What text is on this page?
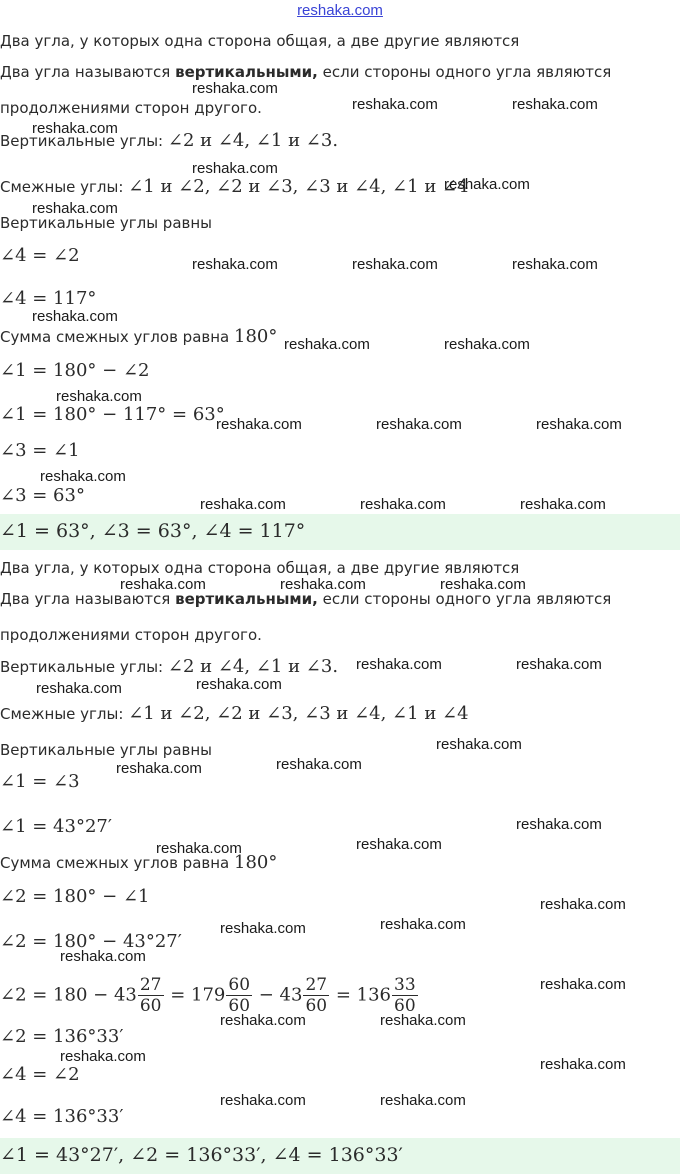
reshaka.com
Два угла, у которых одна сторона общая, а две другие являются
Два угла называются вертикальными, если стороны одного угла являются
продолжениями сторон другого.
Вертикальные углы: ∠2 и ∠4, ∠1 и ∠3.
Смежные углы: ∠1 и ∠2, ∠2 и ∠3, ∠3 и ∠4, ∠1 и ∠4
Вертикальные углы равны
∠4 = ∠2
∠4 = 117°
Сумма смежных углов равна 180°
∠1 = 180° − ∠2
∠1 = 180° − 117° = 63°
∠3 = ∠1
∠3 = 63°
∠1 = 63°, ∠3 = 63°, ∠4 = 117°
Два угла, у которых одна сторона общая, а две другие являются
Два угла называются вертикальными, если стороны одного угла являются
продолжениями сторон другого.
Вертикальные углы: ∠2 и ∠4, ∠1 и ∠3.
Смежные углы: ∠1 и ∠2, ∠2 и ∠3, ∠3 и ∠4, ∠1 и ∠4
Вертикальные углы равны
∠1 = ∠3
∠1 = 43°27′
Сумма смежных углов равна 180°
∠2 = 180° − ∠1
∠2 = 180° − 43°27′
∠2 = $180 - 43 \frac{27}{60} = 179 \frac{60}{60} - 43 \frac{27}{60} = 136 \frac{33}{60}$
∠2 = 136°33′
∠4 = ∠2
∠4 = 136°33′
∠1 = 43°27′, ∠2 = 136°33′, ∠4 = 136°33′
reshaka.com
reshaka.com	reshaka.com
reshaka.com
reshaka.com
reshaka.com
reshaka.com
reshaka.com	reshaka.com	reshaka.com
reshaka.com
reshaka.com	reshaka.com
reshaka.com
reshaka.com	reshaka.com	reshaka.com
reshaka.com
reshaka.com	reshaka.com	reshaka.com
reshaka.com	reshaka.com	reshaka.com
reshaka.com	reshaka.com
reshaka.com	reshaka.com
reshaka.com
reshaka.com	reshaka.com
reshaka.com
reshaka.com	reshaka.com
reshaka.com
reshaka.com	reshaka.com
reshaka.com
reshaka.com
reshaka.com	reshaka.com
reshaka.com	reshaka.com
reshaka.com	reshaka.com
